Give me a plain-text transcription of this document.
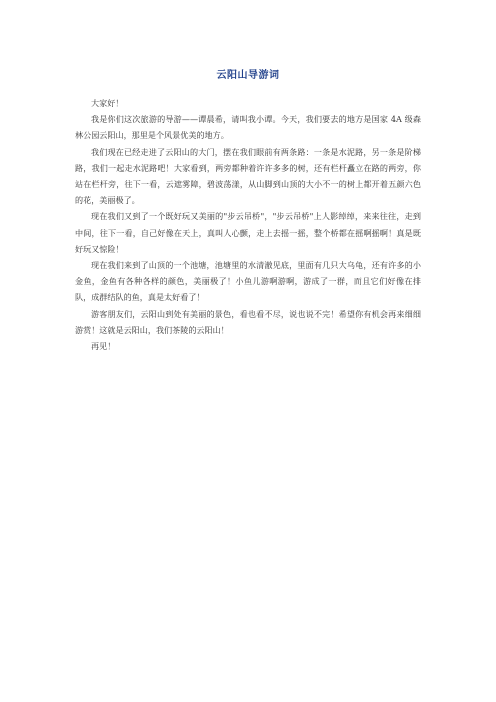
云阳山导游词

大家好！

我是你们这次旅游的导游——谭晨希，请叫我小谭。今天，我们要去的地方是国家 4A 级森林公园云阳山，那里是个风景优美的地方。

我们现在已经走进了云阳山的大门，摆在我们眼前有两条路：一条是水泥路，另一条是阶梯路，我们一起走水泥路吧！大家看到，两旁都种着许许多多的树，还有栏杆矗立在路的两旁，你站在栏杆旁，往下一看，云遮雾障，碧波荡漾，从山脚到山顶的大小不一的树上都开着五颜六色的花，美丽极了。

现在我们又到了一个既好玩又美丽的"步云吊桥"，"步云吊桥"上人影绰绰，来来往往，走到中间，往下一看，自己好像在天上，真叫人心颤，走上去摇一摇，整个桥都在摇啊摇啊！真是既好玩又惊险！

现在我们来到了山顶的一个池塘，池塘里的水清澈见底，里面有几只大乌龟，还有许多的小金鱼，金鱼有各种各样的颜色，美丽极了！小鱼儿游啊游啊，游成了一群，而且它们好像在排队，成群结队的鱼，真是太好看了！

游客朋友们，云阳山到处有美丽的景色，看也看不尽，说也说不完！希望你有机会再来细细游赏！这就是云阳山，我们茶陵的云阳山！

再见！
